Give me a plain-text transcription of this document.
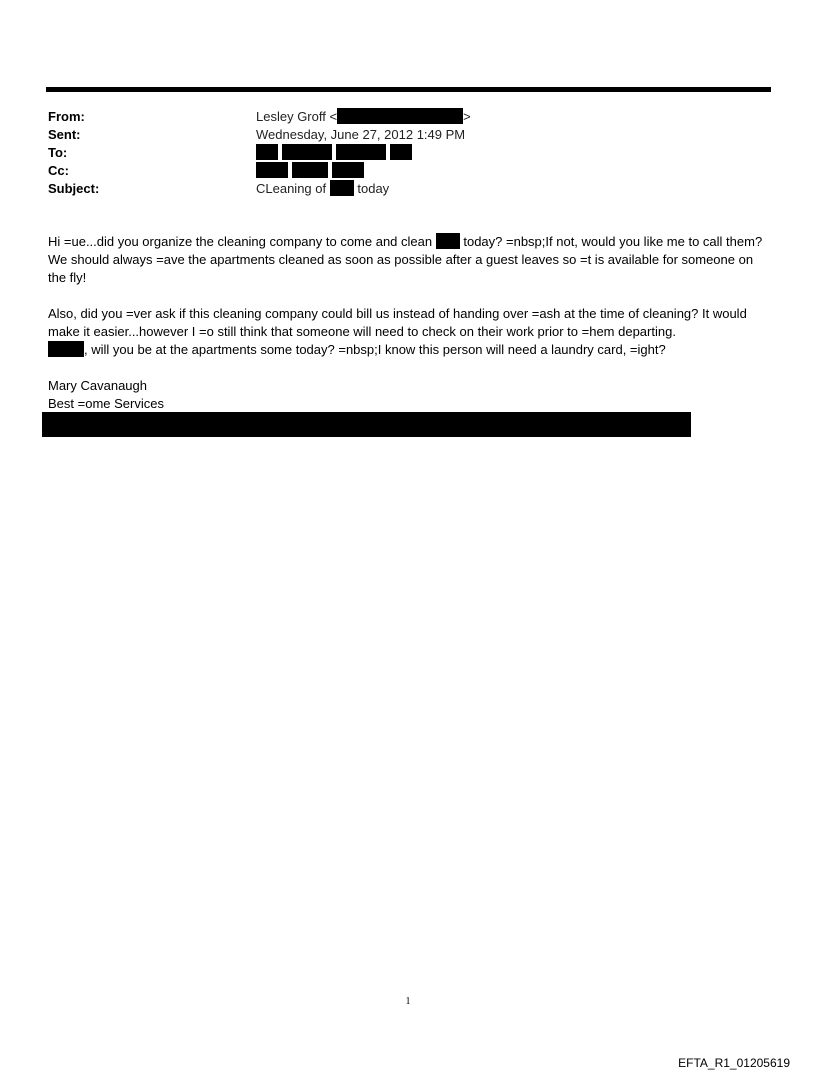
From:	Lesley Groff <	>
Sent:	Wednesday, June 27, 2012 1:49 PM
To:
Cc:
Subject:	CLeaning of today

Hi =ue...did you organize the cleaning company to come and clean today? =nbsp;If not, would you like me to call them? We should always =ave the apartments cleaned as soon as possible after a guest leaves so =t is available for someone on the fly!

Also, did you =ver ask if this cleaning company could bill us instead of handing over =ash at the time of cleaning? It would make it easier...however I =o still think that someone will need to check on their work prior to =hem departing.
, will you be at the apartments some today? =nbsp;I know this person will need a laundry card, =ight?

Mary Cavanaugh
Best =ome Services

1
EFTA_R1_01205619
